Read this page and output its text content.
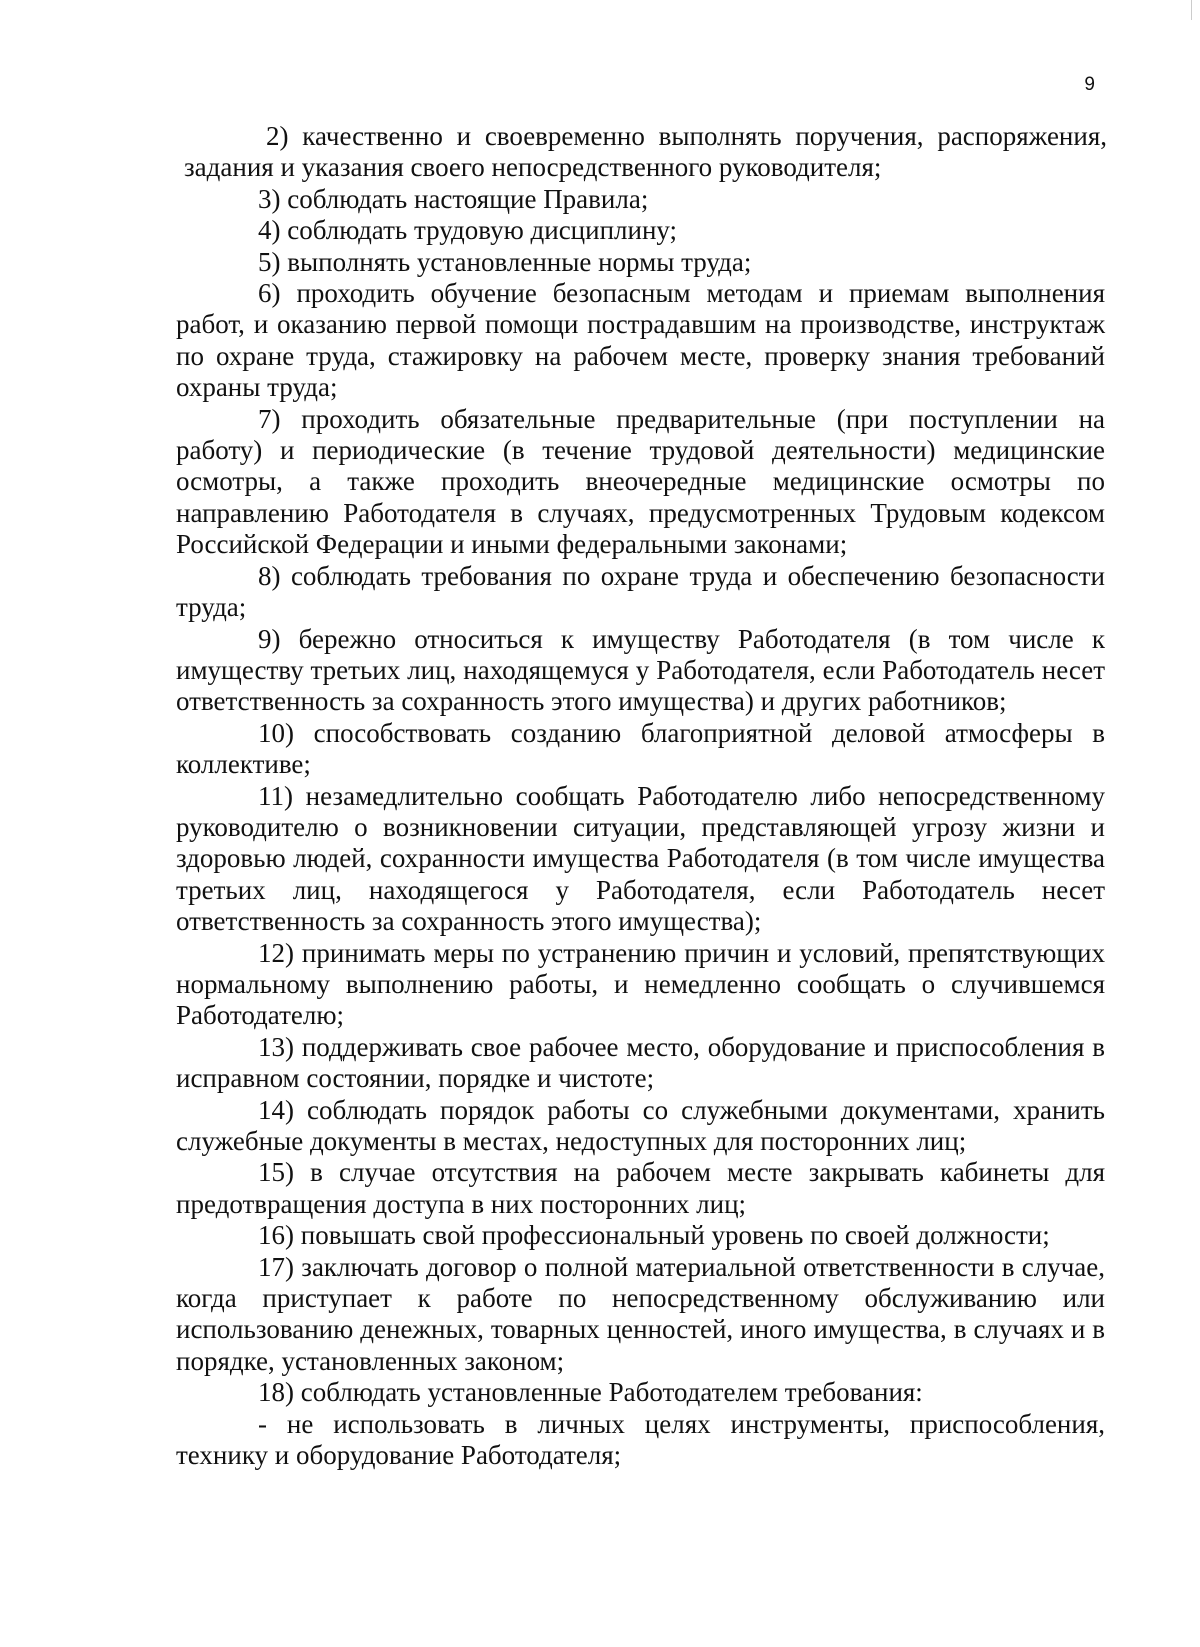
9

2) качественно и своевременно выполнять поручения, распоряжения, задания и указания своего непосредственного руководителя;

3) соблюдать настоящие Правила;

4) соблюдать трудовую дисциплину;

5) выполнять установленные нормы труда;

6) проходить обучение безопасным методам и приемам выполнения работ, и оказанию первой помощи пострадавшим на производстве, инструктаж по охране труда, стажировку на рабочем месте, проверку знания требований охраны труда;

7) проходить обязательные предварительные (при поступлении на работу) и периодические (в течение трудовой деятельности) медицинские осмотры, а также проходить внеочередные медицинские осмотры по направлению Работодателя в случаях, предусмотренных Трудовым кодексом Российской Федерации и иными федеральными законами;

8) соблюдать требования по охране труда и обеспечению безопасности труда;

9) бережно относиться к имуществу Работодателя (в том числе к имуществу третьих лиц, находящемуся у Работодателя, если Работодатель несет ответственность за сохранность этого имущества) и других работников;

10) способствовать созданию благоприятной деловой атмосферы в коллективе;

11) незамедлительно сообщать Работодателю либо непосредственному руководителю о возникновении ситуации, представляющей угрозу жизни и здоровью людей, сохранности имущества Работодателя (в том числе имущества третьих лиц, находящегося у Работодателя, если Работодатель несет ответственность за сохранность этого имущества);

12) принимать меры по устранению причин и условий, препятствующих нормальному выполнению работы, и немедленно сообщать о случившемся Работодателю;

13) поддерживать свое рабочее место, оборудование и приспособления в исправном состоянии, порядке и чистоте;

14) соблюдать порядок работы со служебными документами, хранить служебные документы в местах, недоступных для посторонних лиц;

15) в случае отсутствия на рабочем месте закрывать кабинеты для предотвращения доступа в них посторонних лиц;

16) повышать свой профессиональный уровень по своей должности;

17) заключать договор о полной материальной ответственности в случае, когда приступает к работе по непосредственному обслуживанию или использованию денежных, товарных ценностей, иного имущества, в случаях и в порядке, установленных законом;

18) соблюдать установленные Работодателем требования:

- не использовать в личных целях инструменты, приспособления, технику и оборудование Работодателя;
